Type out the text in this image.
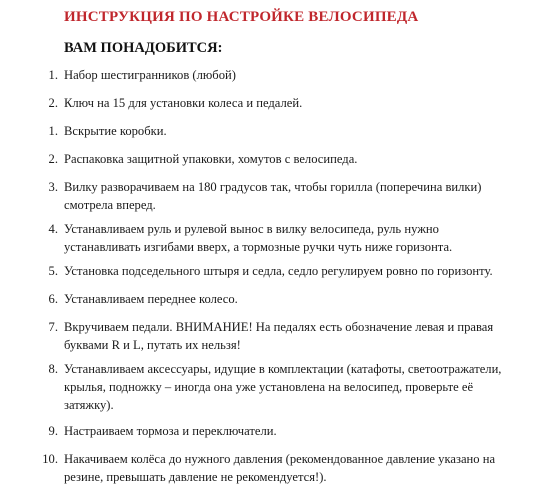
ИНСТРУКЦИЯ ПО НАСТРОЙКЕ ВЕЛОСИПЕДА
ВАМ ПОНАДОБИТСЯ:
1. Набор шестигранников (любой)
2. Ключ на 15 для установки колеса и педалей.
1. Вскрытие коробки.
2. Распаковка защитной упаковки, хомутов с велосипеда.
3. Вилку разворачиваем на 180 градусов так, чтобы горилла (поперечина вилки)
смотрела вперед.
4. Устанавливаем руль и рулевой вынос в вилку велосипеда, руль нужно
устанавливать изгибами вверх, а тормозные ручки чуть ниже горизонта.
5. Установка подседельного штыря и седла, седло регулируем ровно по горизонту.
6. Устанавливаем переднее колесо.
7. Вкручиваем педали. ВНИМАНИЕ! На педалях есть обозначение левая и правая
буквами R и L, путать их нельзя!
8. Устанавливаем аксессуары, идущие в комплектации (катафоты, светоотражатели,
крылья, подножку – иногда она уже установлена на велосипед, проверьте её
затяжку).
9. Настраиваем тормоза и переключатели.
10. Накачиваем колёса до нужного давления (рекомендованное давление указано на
резине, превышать давление не рекомендуется!).
